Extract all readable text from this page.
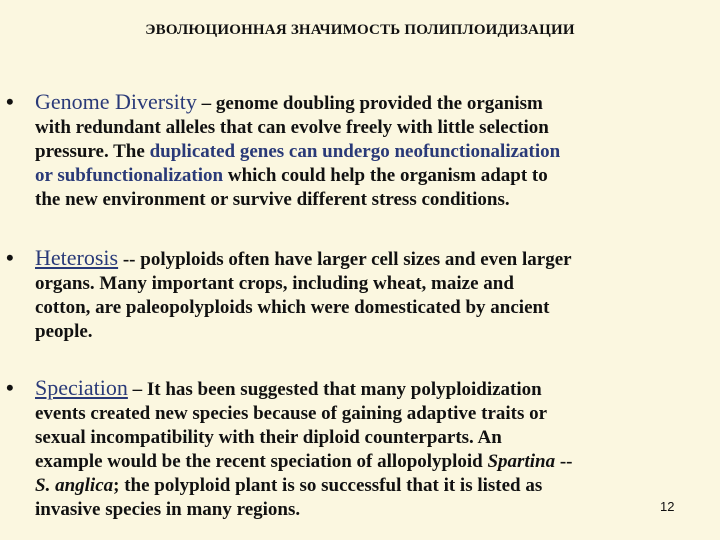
ЭВОЛЮЦИОННАЯ ЗНАЧИМОСТЬ ПОЛИПЛОИДИЗАЦИИ
• Genome Diversity – genome doubling provided the organism
with redundant alleles that can evolve freely with little selection
pressure. The duplicated genes can undergo neofunctionalization
or subfunctionalization which could help the organism adapt to
the new environment or survive different stress conditions.
• Heterosis -- polyploids often have larger cell sizes and even larger
organs. Many important crops, including wheat, maize and
cotton, are paleopolyploids which were domesticated by ancient
people.
• Speciation – It has been suggested that many polyploidization
events created new species because of gaining adaptive traits or
sexual incompatibility with their diploid counterparts. An
example would be the recent speciation of allopolyploid Spartina --
S. anglica; the polyploid plant is so successful that it is listed as
invasive species in many regions.	12
